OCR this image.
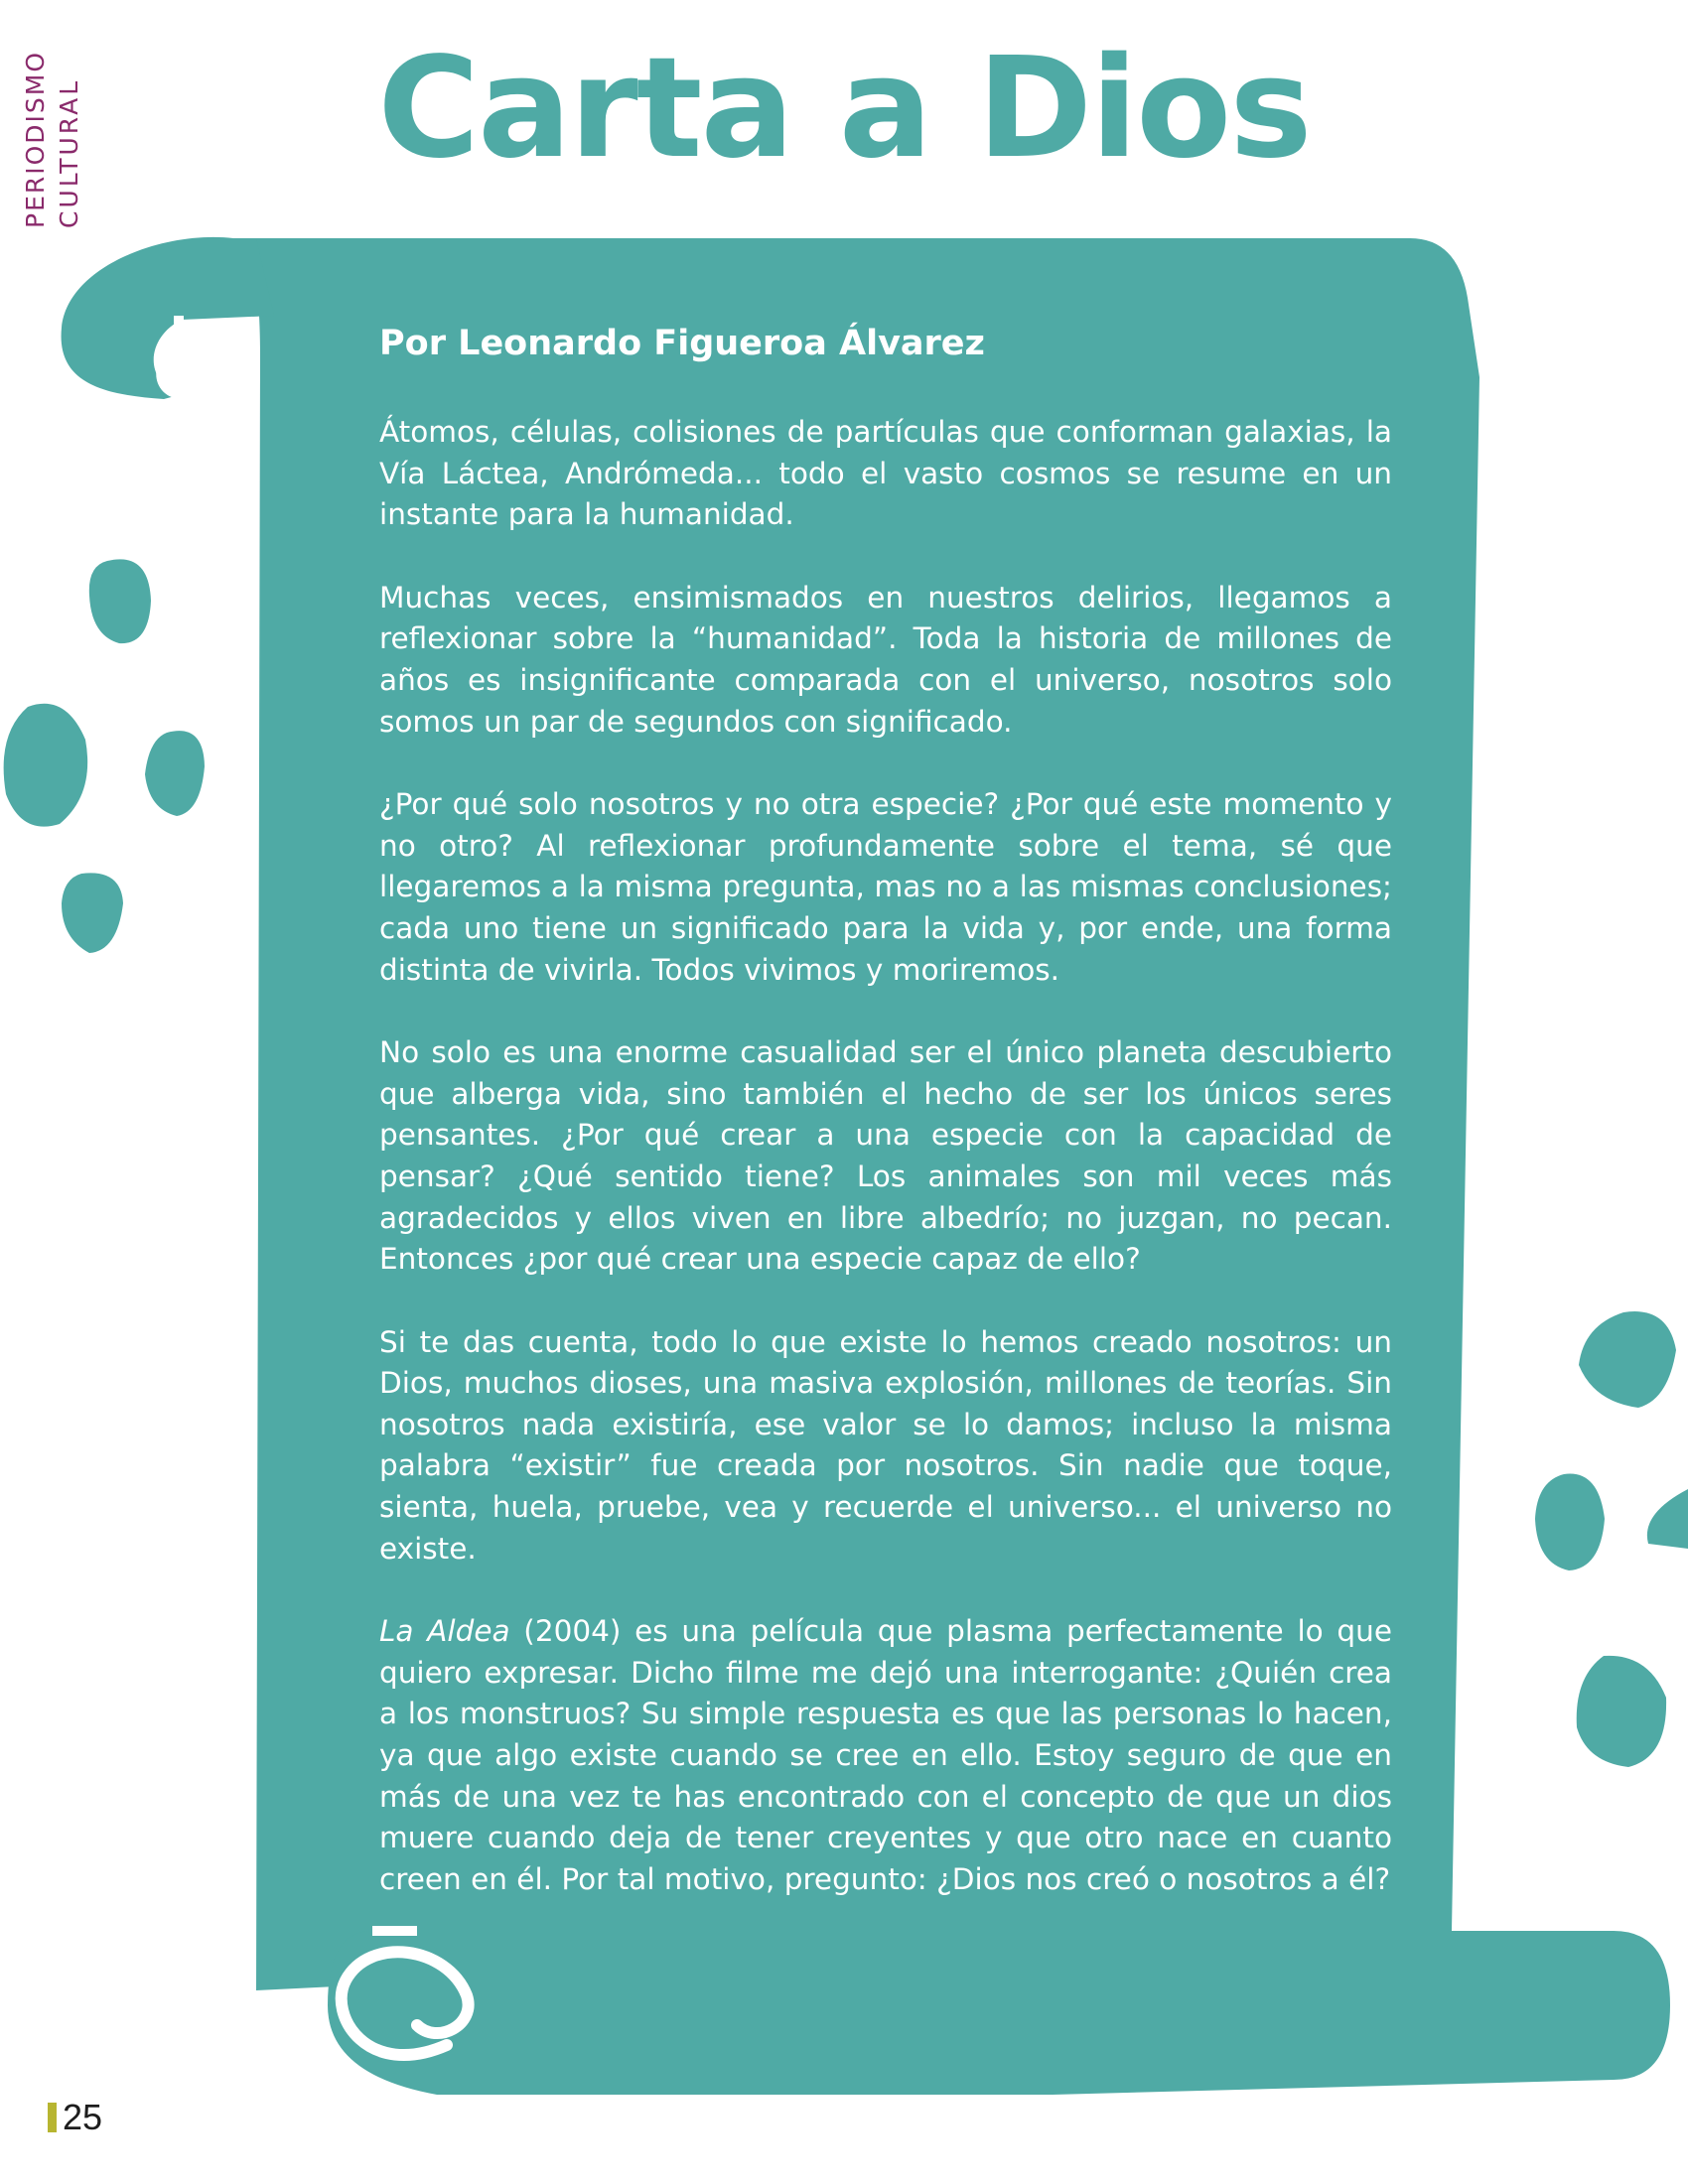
PERIODISMO CULTURAL	Carta a Dios

Por Leonardo Figueroa Álvarez

Átomos, células, colisiones de partículas que conforman galaxias, la Vía Láctea, Andrómeda... todo el vasto cosmos se resume en un instante para la humanidad.

Muchas veces, ensimismados en nuestros delirios, llegamos a reflexionar sobre la “humanidad”. Toda la historia de millones de años es insignificante comparada con el universo, nosotros solo somos un par de segundos con significado.

¿Por qué solo nosotros y no otra especie? ¿Por qué este momento y no otro? Al reflexionar profundamente sobre el tema, sé que llegaremos a la misma pregunta, mas no a las mismas conclusiones; cada uno tiene un significado para la vida y, por ende, una forma distinta de vivirla. Todos vivimos y moriremos.

No solo es una enorme casualidad ser el único planeta descubierto que alberga vida, sino también el hecho de ser los únicos seres pensantes. ¿Por qué crear a una especie con la capacidad de pensar? ¿Qué sentido tiene? Los animales son mil veces más agradecidos y ellos viven en libre albedrío; no juzgan, no pecan. Entonces ¿por qué crear una especie capaz de ello?

Si te das cuenta, todo lo que existe lo hemos creado nosotros: un Dios, muchos dioses, una masiva explosión, millones de teorías. Sin nosotros nada existiría, ese valor se lo damos; incluso la misma palabra “existir” fue creada por nosotros. Sin nadie que toque, sienta, huela, pruebe, vea y recuerde el universo... el universo no existe.

La Aldea (2004) es una película que plasma perfectamente lo que quiero expresar. Dicho filme me dejó una interrogante: ¿Quién crea a los monstruos? Su simple respuesta es que las personas lo hacen, ya que algo existe cuando se cree en ello. Estoy seguro de que en más de una vez te has encontrado con el concepto de que un dios muere cuando deja de tener creyentes y que otro nace en cuanto creen en él. Por tal motivo, pregunto: ¿Dios nos creó o nosotros a él?

25
